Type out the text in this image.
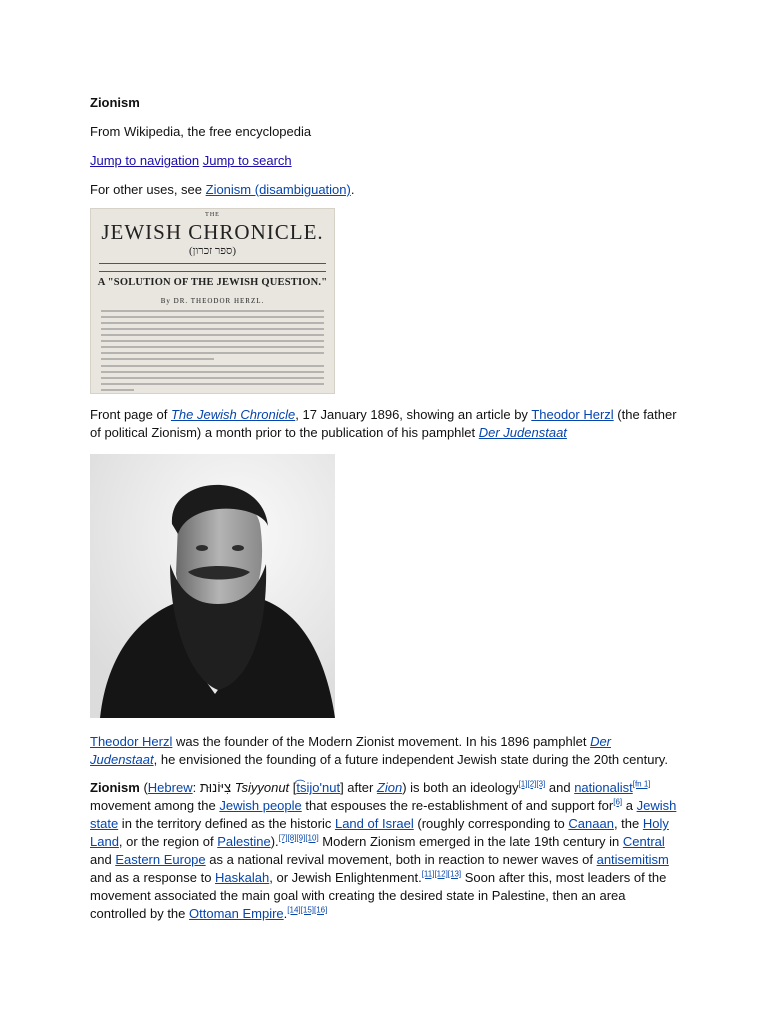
Zionism

From Wikipedia, the free encyclopedia

Jump to navigation Jump to search

For other uses, see Zionism (disambiguation).

THE
JEWISH CHRONICLE.
(ספר זכרון)
A "SOLUTION OF THE JEWISH QUESTION."
By DR. THEODOR HERZL.

Front page of The Jewish Chronicle, 17 January 1896, showing an article by Theodor Herzl (the father of political Zionism) a month prior to the publication of his pamphlet Der Judenstaat

Theodor Herzl was the founder of the Modern Zionist movement. In his 1896 pamphlet Der Judenstaat, he envisioned the founding of a future independent Jewish state during the 20th century.

Zionism (Hebrew: צִיּוֹנוּת Tsiyyonut [t͡sijo'nut] after Zion) is both an ideology[1][2][3] and nationalist[fn 1] movement among the Jewish people that espouses the re-establishment of and support for[6] a Jewish state in the territory defined as the historic Land of Israel (roughly corresponding to Canaan, the Holy Land, or the region of Palestine).[7][8][9][10] Modern Zionism emerged in the late 19th century in Central and Eastern Europe as a national revival movement, both in reaction to newer waves of antisemitism and as a response to Haskalah, or Jewish Enlightenment.[11][12][13] Soon after this, most leaders of the movement associated the main goal with creating the desired state in Palestine, then an area controlled by the Ottoman Empire.[14][15][16]
